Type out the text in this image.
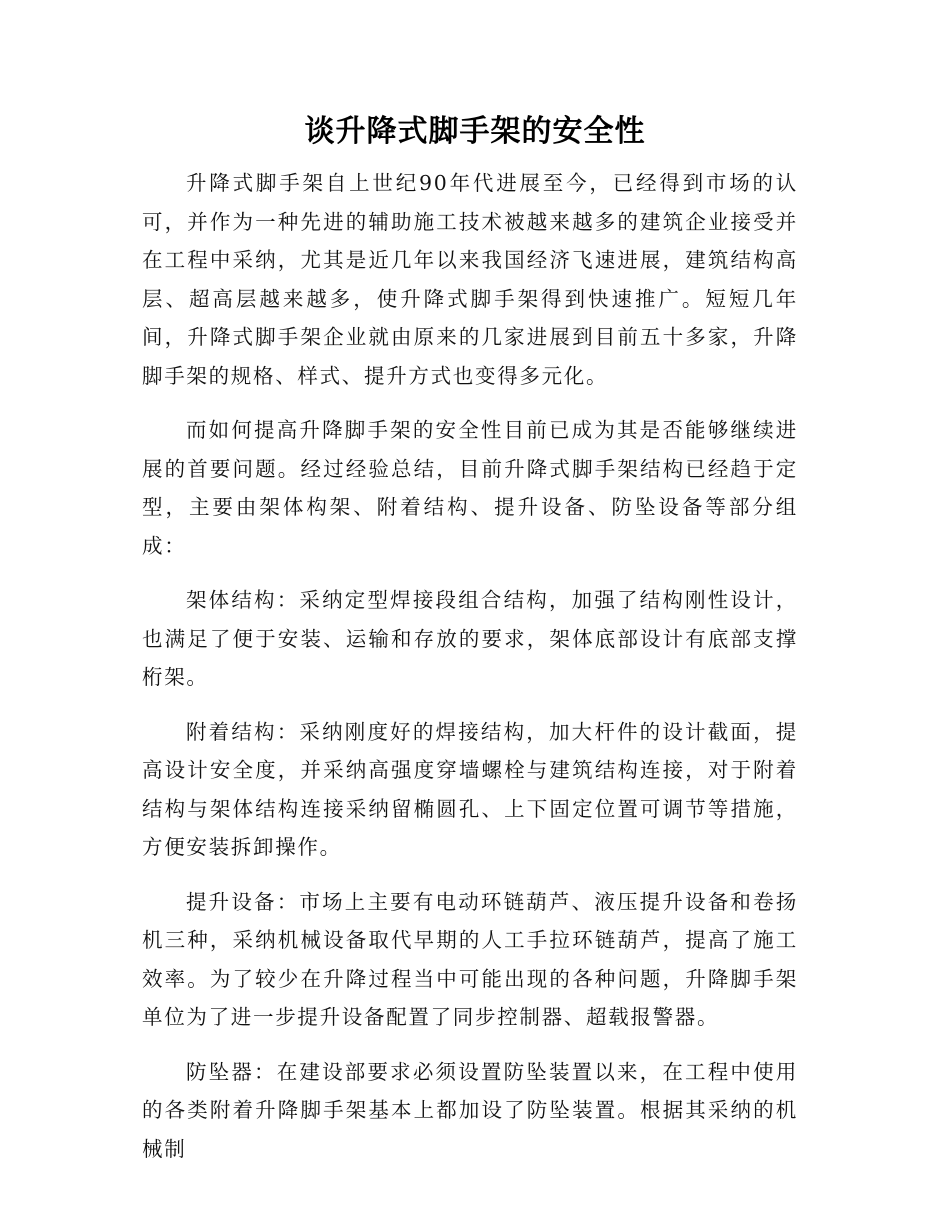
谈升降式脚手架的安全性

升降式脚手架自上世纪90年代进展至今，已经得到市场的认可，并作为一种先进的辅助施工技术被越来越多的建筑企业接受并在工程中采纳，尤其是近几年以来我国经济飞速进展，建筑结构高层、超高层越来越多，使升降式脚手架得到快速推广。短短几年间，升降式脚手架企业就由原来的几家进展到目前五十多家，升降脚手架的规格、样式、提升方式也变得多元化。

而如何提高升降脚手架的安全性目前已成为其是否能够继续进展的首要问题。经过经验总结，目前升降式脚手架结构已经趋于定型，主要由架体构架、附着结构、提升设备、防坠设备等部分组成：

架体结构：采纳定型焊接段组合结构，加强了结构刚性设计，也满足了便于安装、运输和存放的要求，架体底部设计有底部支撑桁架。

附着结构：采纳刚度好的焊接结构，加大杆件的设计截面，提高设计安全度，并采纳高强度穿墙螺栓与建筑结构连接，对于附着结构与架体结构连接采纳留椭圆孔、上下固定位置可调节等措施，方便安装拆卸操作。

提升设备：市场上主要有电动环链葫芦、液压提升设备和卷扬机三种，采纳机械设备取代早期的人工手拉环链葫芦，提高了施工效率。为了较少在升降过程当中可能出现的各种问题，升降脚手架单位为了进一步提升设备配置了同步控制器、超载报警器。

防坠器：在建设部要求必须设置防坠装置以来，在工程中使用的各类附着升降脚手架基本上都加设了防坠装置。根据其采纳的机械制
